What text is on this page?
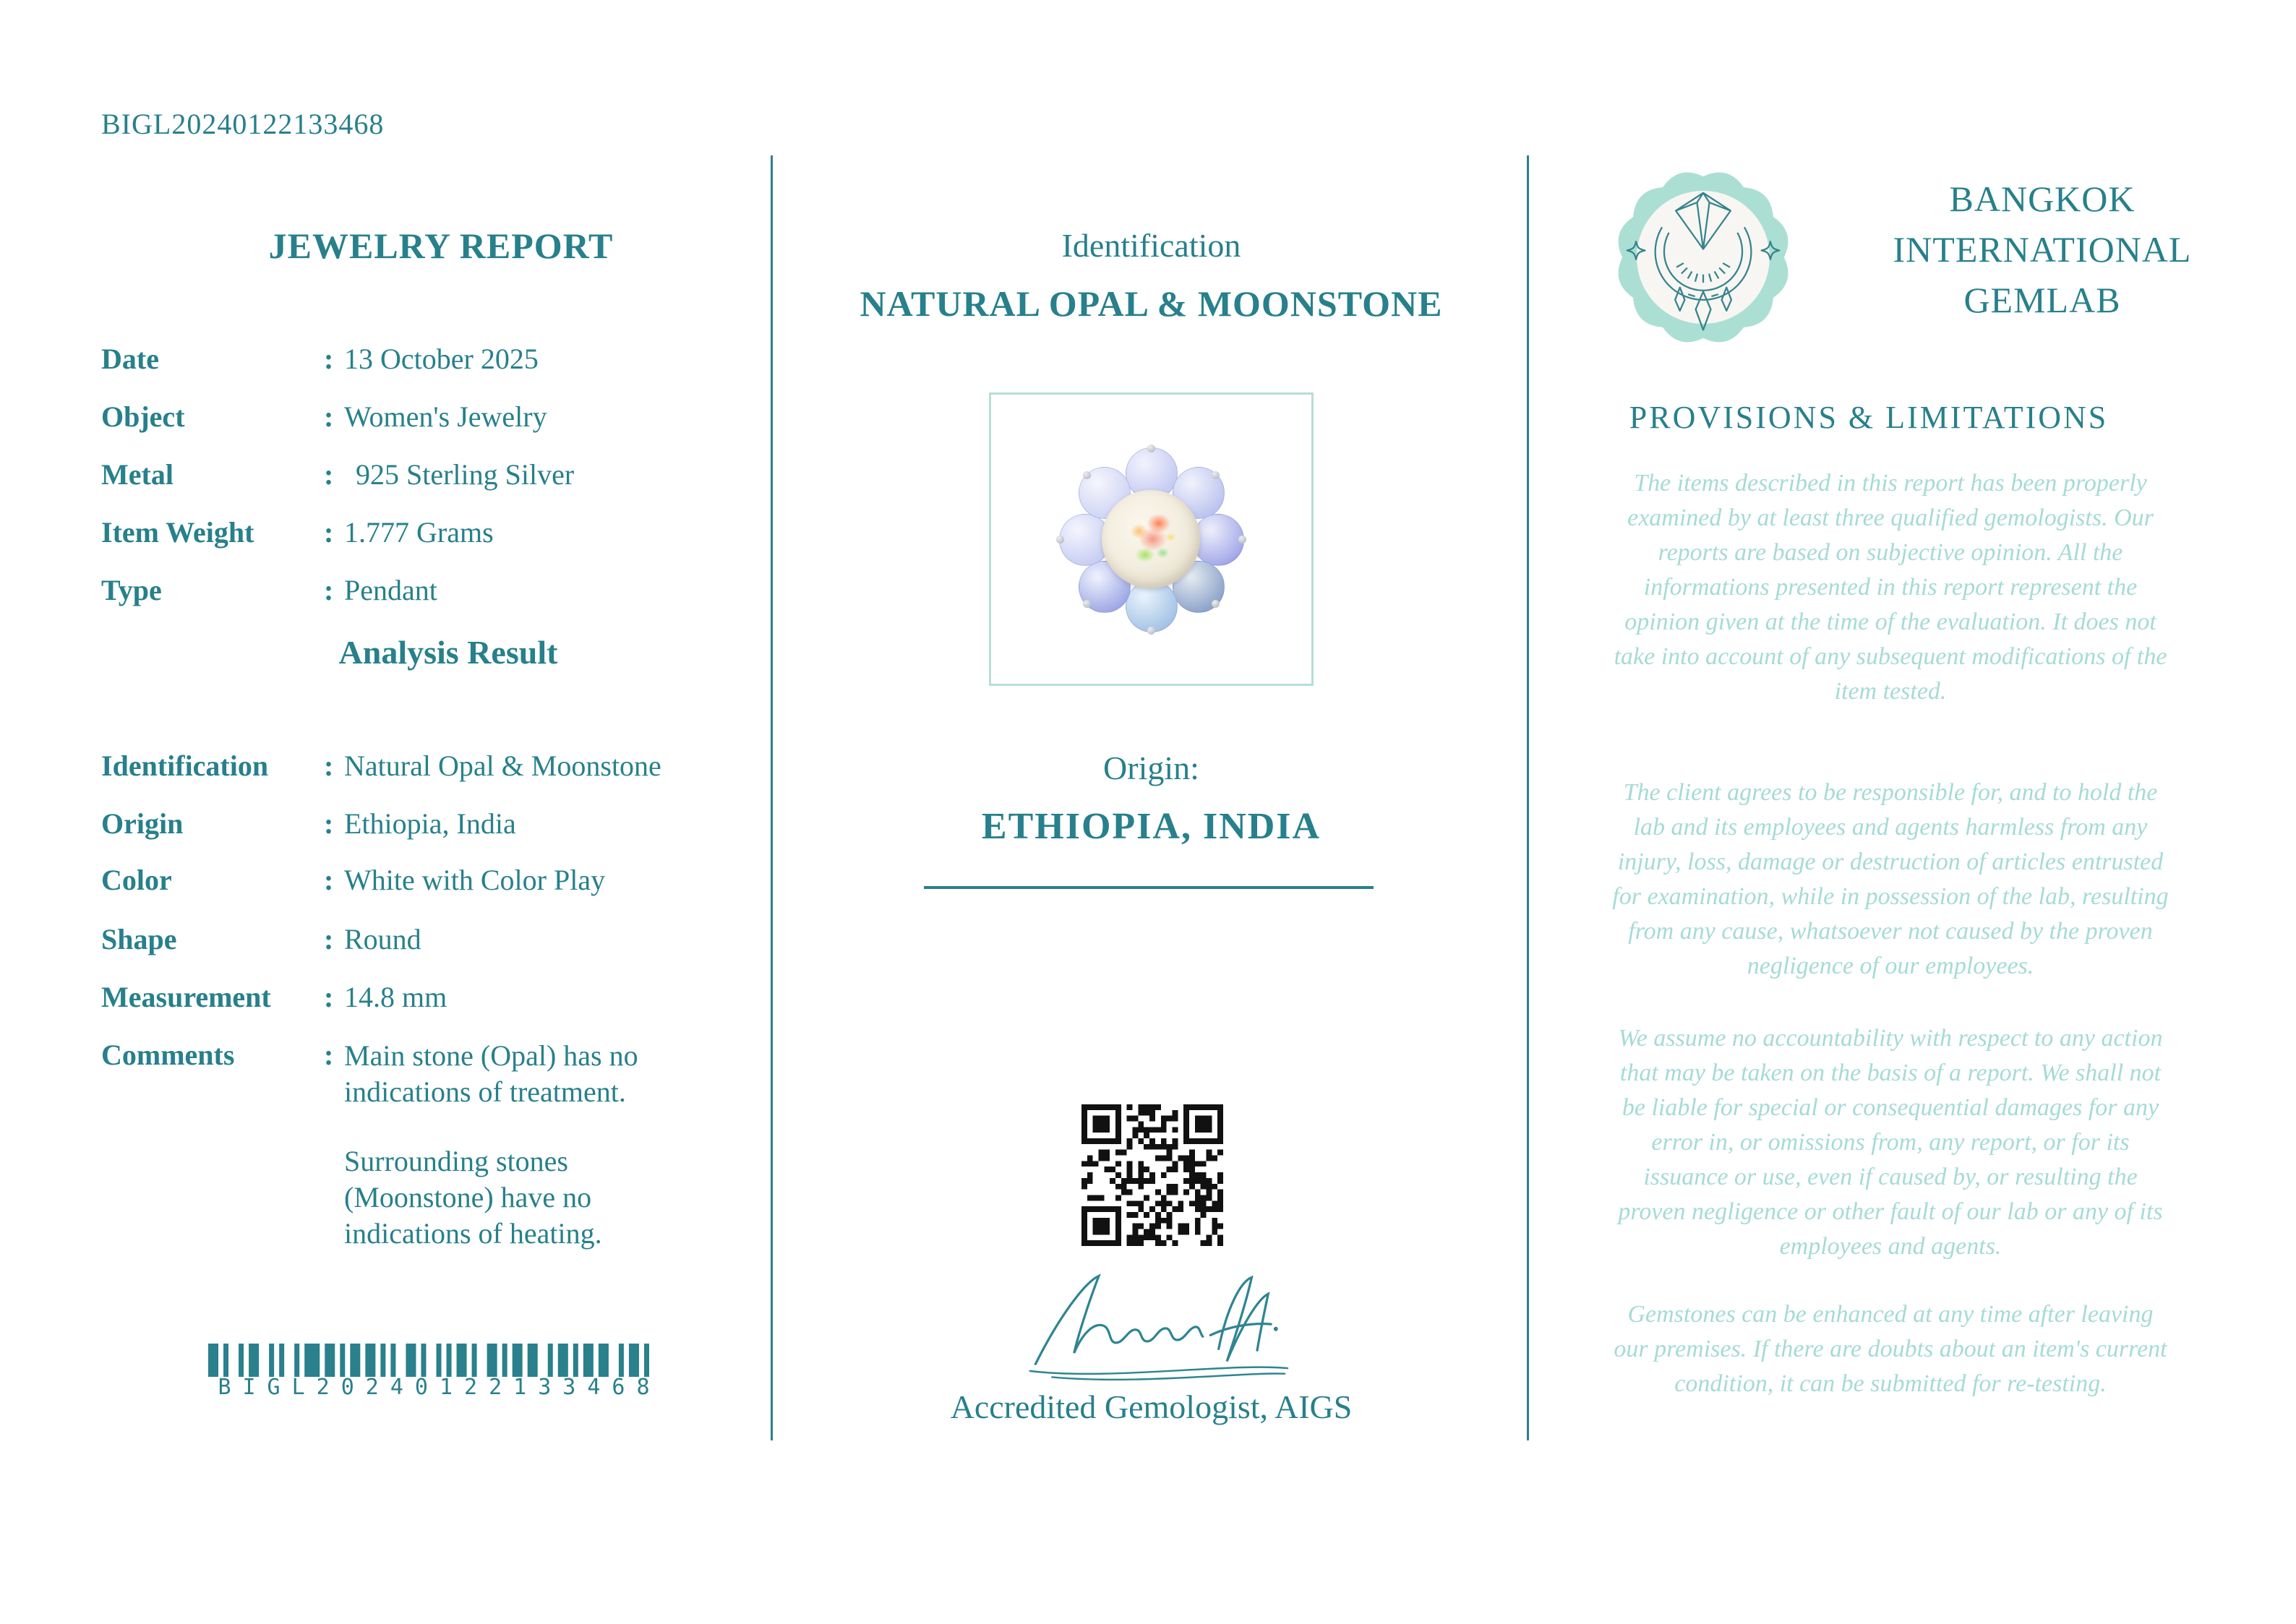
BIGL20240122133468
JEWELRY REPORT
Date	: 13 October 2025
Object	: Women's Jewelry
Metal	: 925 Sterling Silver
Item Weight : 1.777 Grams
Type	: Pendant
Analysis Result
Identification : Natural Opal & Moonstone
Origin	: Ethiopia, India
Color	: White with Color Play
Shape	: Round
Measurement : 14.8 mm
Comments	: Main stone (Opal) has no
indications of treatment.
Surrounding stones
(Moonstone) have no
indications of heating.
BIGL20240122133468
Identification
NATURAL OPAL & MOONSTONE
Origin:
ETHIOPIA, INDIA
Accredited Gemologist, AIGS
BANGKOK
INTERNATIONAL
GEMLAB
PROVISIONS & LIMITATIONS

The items described in this report has been properly examined by at least three qualified gemologists. Our reports are based on subjective opinion. All the informations presented in this report represent the opinion given at the time of the evaluation. It does not take into account of any subsequent modifications of the item tested.

The client agrees to be responsible for, and to hold the lab and its employees and agents harmless from any injury, loss, damage or destruction of articles entrusted for examination, while in possession of the lab, resulting from any cause, whatsoever not caused by the proven negligence of our employees.

We assume no accountability with respect to any action that may be taken on the basis of a report. We shall not be liable for special or consequential damages for any error in, or omissions from, any report, or for its issuance or use, even if caused by, or resulting the proven negligence or other fault of our lab or any of its employees and agents.

Gemstones can be enhanced at any time after leaving our premises. If there are doubts about an item's current condition, it can be submitted for re-testing.
